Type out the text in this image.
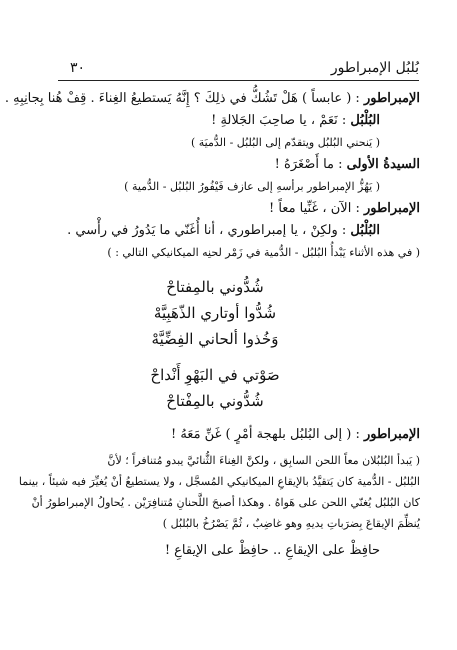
٣٠	بُلبُل الإمبراطور

الإمبراطور : ( عابساً ) هَلْ تَشُكُّ في ذلِكَ ؟ إِنَّهُ يَستطيعُ الغِناءَ . قِفْ هُنا بِجانِبِهِ .

البُلْبُل : نَعَمْ ، يا صاحِبَ الجَلالةِ !

( يَنحني البُلبُل ويتقدّم إلى البُلبُل - الدُّميَة )

السيدةُ الأولى : ما أَصْغَرَهُ !

( يَهُزُّ الإمبراطور برأسهِ إلى عازف فَيْفُورُ البُلبُل - الدُّمية )

الإمبراطور : الآن ، غَنِّيا معاً !

البُلْبُل : ولكِنْ ، يا إمبراطوري ، أنا أُغَنّي ما يَدُورُ في رأْسي .

( في هذه الأثناء يَبْدأُ البُلبُل - الدُّمية في زَمْر لحنِه الميكانيكي التالي : )

شُدُّوني بالمِفتاحْ

شُدُّوا أوتاري الذّهَبِيَّهْ

وَخُذوا ألحاني الفِضِّيَّهْ

صَوْتي في البَهْوِ أَنْداحْ

شُدُّوني بالمِفْتاحْ

الإمبراطور : ( إلى البُلبُل بلهجة أمْرٍ ) غَنِّ مَعَهُ !

( يَبدأ البُلبُلان معاً اللحن السابِق ، ولكنَّ الغِناءَ الثُّنائيَّ يبدو مُتنافراً ؛ لأنَّ

البُلبُل - الدُّمية كان يَتقيَّدُ بالإيقاعِ الميكانيكي المُسجَّل ، ولا يستطيعُ أنْ يُغيِّرَ فيه شيئاً ، بينما

كان البُلبُل يُغنّي اللحن على هَواهُ . وهكذا أصبحَ اللَّحنانِ مُتنافِرَيْن . يُحاولُ الإمبراطورُ أنْ

يُنظِّمَ الإيقاعَ بِضرَباتِ يديهِ وهو غاضِبٌ ، ثُمَّ يَصْرُخُ بالبُلبُل )

حافِظْ على الإيقاعِ .. حافِظْ على الإيقاعِ !
